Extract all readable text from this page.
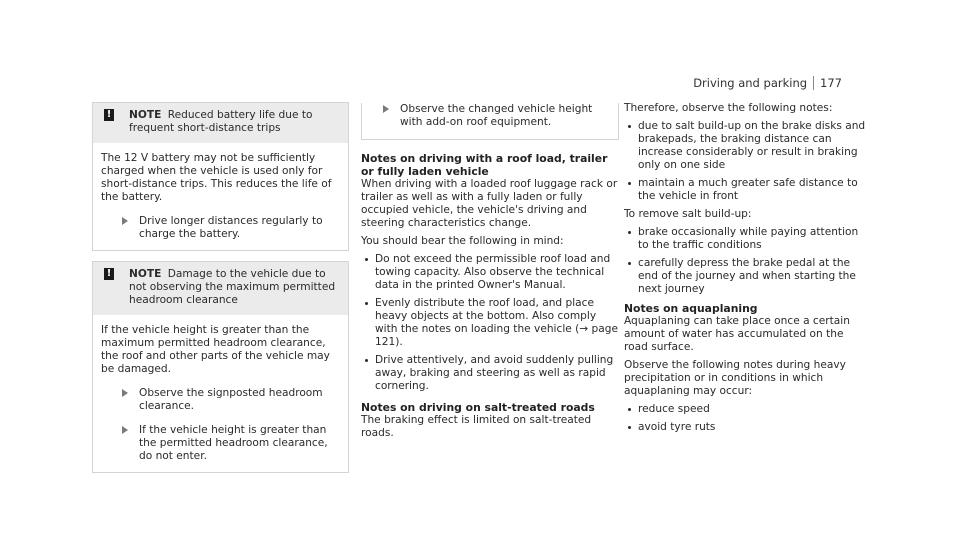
Driving and parking 177
! NOTE Reduced battery life due to frequent short-distance trips

The 12 V battery may not be sufficiently charged when the vehicle is used only for short-distance trips. This reduces the life of the battery.

Drive longer distances regularly to charge the battery.
! NOTE Damage to the vehicle due to not observing the maximum permitted headroom clearance

If the vehicle height is greater than the maximum permitted headroom clearance, the roof and other parts of the vehicle may be damaged.

Observe the signposted headroom clearance.
If the vehicle height is greater than the permitted headroom clearance, do not enter.
Observe the changed vehicle height with add-on roof equipment.
Notes on driving with a roof load, trailer or fully laden vehicle

When driving with a loaded roof luggage rack or trailer as well as with a fully laden or fully occupied vehicle, the vehicle's driving and steering characteristics change.

You should bear the following in mind:

Do not exceed the permissible roof load and towing capacity. Also observe the technical data in the printed Owner's Manual.
Evenly distribute the roof load, and place heavy objects at the bottom. Also comply with the notes on loading the vehicle (→ page 121).
Drive attentively, and avoid suddenly pulling away, braking and steering as well as rapid cornering.
Notes on driving on salt-treated roads

The braking effect is limited on salt-treated roads.

Therefore, observe the following notes:

due to salt build-up on the brake disks and brakepads, the braking distance can increase considerably or result in braking only on one side
maintain a much greater safe distance to the vehicle in front

To remove salt build-up:

brake occasionally while paying attention to the traffic conditions
carefully depress the brake pedal at the end of the journey and when starting the next journey
Notes on aquaplaning

Aquaplaning can take place once a certain amount of water has accumulated on the road surface.

Observe the following notes during heavy precipitation or in conditions in which aquaplaning may occur:

reduce speed
avoid tyre ruts
